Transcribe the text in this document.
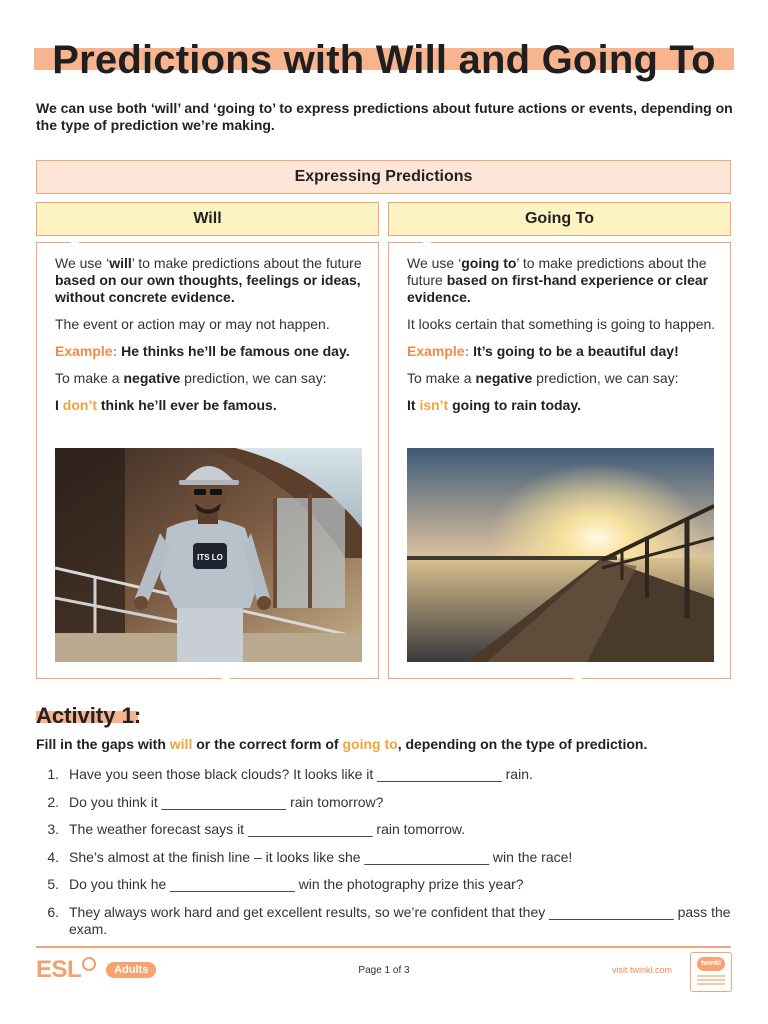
Predictions with Will and Going To

We can use both ‘will’ and ‘going to’ to express predictions about future actions or events, depending on the type of prediction we’re making.

Expressing Predictions
Will	Going To

We use ‘will’ to make predictions about the future based on our own thoughts, feelings or ideas, without concrete evidence.

The event or action may or may not happen.

Example: He thinks he’ll be famous one day.

To make a negative prediction, we can say:

I don’t think he’ll ever be famous.

ITS LO

We use ‘going to’ to make predictions about the future based on first-hand experience or clear evidence.

It looks certain that something is going to happen.

Example: It’s going to be a beautiful day!

To make a negative prediction, we can say:

It isn’t going to rain today.

Activity 1:

Fill in the gaps with will or the correct form of going to, depending on the type of prediction.

1. Have you seen those black clouds? It looks like it ________________ rain.
2. Do you think it ________________ rain tomorrow?
3. The weather forecast says it ________________ rain tomorrow.
4. She’s almost at the finish line – it looks like she ________________ win the race!
5. Do you think he ________________ win the photography prize this year?
6. They always work hard and get excellent results, so we’re confident that they ________________ pass the exam.
ESL	Adults	Page 1 of 3	visit twinkl.com
twinkl
